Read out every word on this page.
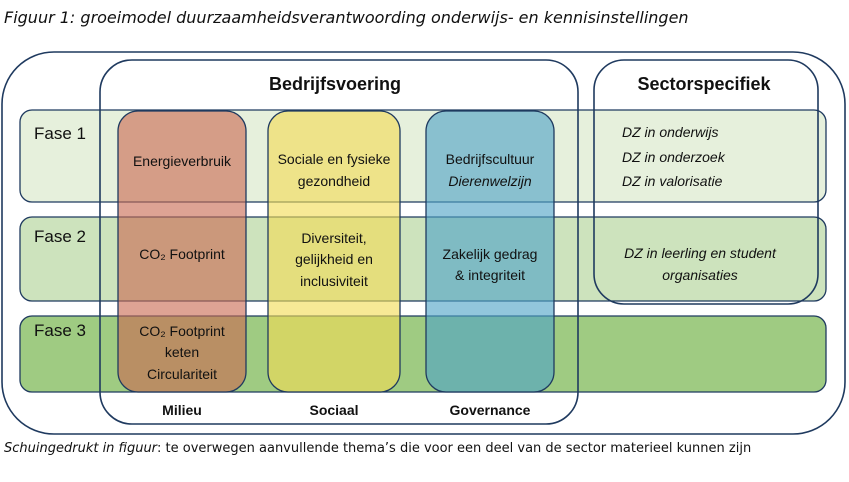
Figuur 1: groeimodel duurzaamheidsverantwoording onderwijs- en kennisinstellingen
Bedrijfsvoering	Sectorspecifiek
Fase 1
Fase 2
Fase 3
Energieverbruik
CO₂ Footprint
CO₂ Footprint
keten
Circulariteit
Sociale en fysieke
gezondheid
Diversiteit,
gelijkheid en
inclusiviteit
Bedrijfscultuur
Dierenwelzijn
Zakelijk gedrag
& integriteit
DZ in onderwijs
DZ in onderzoek
DZ in valorisatie
DZ in leerling en student
organisaties
Milieu	Sociaal	Governance
Schuingedrukt in figuur: te overwegen aanvullende thema’s die voor een deel van de sector materieel kunnen zijn
